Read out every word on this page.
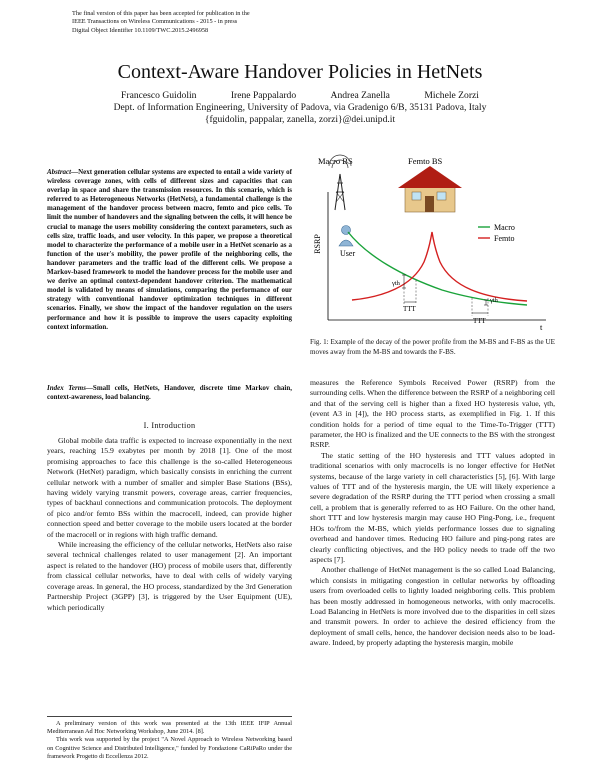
The final version of this paper has been accepted for publication in the
IEEE Transactions on Wireless Communications - 2015 - in press
Digital Object Identifier 10.1109/TWC.2015.2496958
Context-Aware Handover Policies in HetNets
Francesco Guidolin	Irene Pappalardo	Andrea Zanella	Michele Zorzi
Dept. of Information Engineering, University of Padova, via Gradenigo 6/B, 35131 Padova, Italy
{fguidolin, pappalar, zanella, zorzi}@dei.unipd.it
Abstract—Next generation cellular systems are expected to entail a wide variety of wireless coverage zones, with cells of different sizes and capacities that can overlap in space and share the transmission resources. In this scenario, which is referred to as Heterogeneous Networks (HetNets), a fundamental challenge is the management of the handover process between macro, femto and pico cells. To limit the number of handovers and the signaling between the cells, it will hence be crucial to manage the users mobility considering the context parameters, such as cells size, traffic loads, and user velocity. In this paper, we propose a theoretical model to characterize the performance of a mobile user in a HetNet scenario as a function of the user's mobility, the power profile of the neighboring cells, the handover parameters and the traffic load of the different cells. We propose a Markov-based framework to model the handover process for the mobile user and we derive an optimal context-dependent handover criterion. The mathematical model is validated by means of simulations, comparing the performance of our strategy with conventional handover optimization techniques in different scenarios. Finally, we show the impact of the handover regulation on the users performance and how it is possible to improve the users capacity exploiting context information.
Index Terms—Small cells, HetNets, Handover, discrete time Markov chain, context-awareness, load balancing.
I. Introduction

Global mobile data traffic is expected to increase exponentially in the next years, reaching 15.9 exabytes per month by 2018 [1]. One of the most promising approaches to face this challenge is the so-called Heterogeneous Network (HetNet) paradigm, which basically consists in enriching the current cellular network with a number of smaller and simpler Base Stations (BSs), having widely varying transmit powers, coverage areas, carrier frequencies, types of backhaul connections and communication protocols. The deployment of pico and/or femto BSs within the macrocell, indeed, can provide higher connection speed and better coverage to the mobile users located at the border of the macrocell or in regions with high traffic demand.

While increasing the efficiency of the cellular networks, HetNets also raise several technical challenges related to user management [2]. An important aspect is related to the handover (HO) process of mobile users that, differently from classical cellular networks, have to deal with cells of widely varying coverage areas. In general, the HO process, standardized by the 3rd Generation Partnership Project (3GPP) [3], is triggered by the User Equipment (UE), which periodically

A preliminary version of this work was presented at the 13th IEEE IFIP Annual Mediterranean Ad Hoc Networking Workshop, June 2014. [8].

This work was supported by the project "A Novel Approach to Wireless Networking based on Cognitive Science and Distributed Intelligence," funded by Fondazione CaRiPaRo under the framework Progetto di Eccellenza 2012.

Macro BS	Femto BS
RSRP
t
User
Macro
Femto
γth
TTT
γth
TTT
Fig. 1: Example of the decay of the power profile from the M-BS and F-BS as the UE moves away from the M-BS and towards the F-BS.

measures the Reference Symbols Received Power (RSRP) from the surrounding cells. When the difference between the RSRP of a neighboring cell and that of the serving cell is higher than a fixed HO hysteresis value, γth, (event A3 in [4]), the HO process starts, as exemplified in Fig. 1. If this condition holds for a period of time equal to the Time-To-Trigger (TTT) parameter, the HO is finalized and the UE connects to the BS with the strongest RSRP.

The static setting of the HO hysteresis and TTT values adopted in traditional scenarios with only macrocells is no longer effective for HetNet systems, because of the large variety in cell characteristics [5], [6]. With large values of TTT and of the hysteresis margin, the UE will likely experience a severe degradation of the RSRP during the TTT period when crossing a small cell, a problem that is generally referred to as HO Failure. On the other hand, short TTT and low hysteresis margin may cause HO Ping-Pong, i.e., frequent HOs to/from the M-BS, which yields performance losses due to signaling overhead and handover times. Reducing HO failure and ping-pong rates are clearly conflicting objectives, and the HO policy needs to trade off the two aspects [7].

Another challenge of HetNet management is the so called Load Balancing, which consists in mitigating congestion in cellular networks by offloading users from overloaded cells to lightly loaded neighboring cells. This problem has been mostly addressed in homogeneous networks, with only macrocells. Load Balancing in HetNets is more involved due to the disparities in cell sizes and transmit powers. In order to achieve the desired efficiency from the deployment of small cells, hence, the handover decision needs also to be load-aware. Indeed, by properly adapting the hysteresis margin, mobile
